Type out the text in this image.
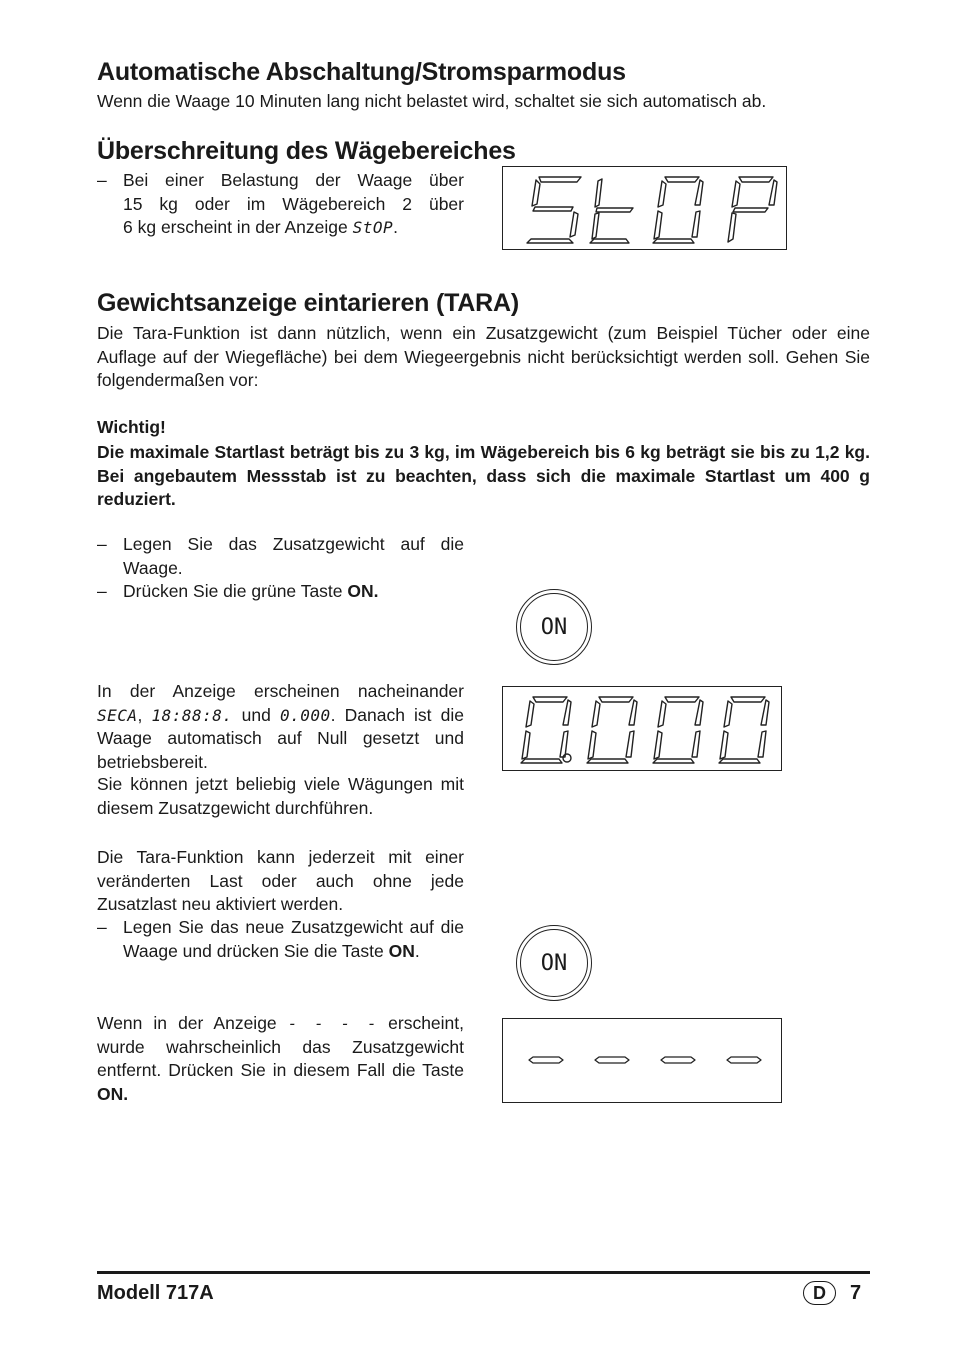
Automatische Abschaltung/Stromsparmodus

Wenn die Waage 10 Minuten lang nicht belastet wird, schaltet sie sich automatisch ab.

Überschreitung des Wägebereiches
– Bei einer Belastung der Waage über
15 kg oder im Wägebereich 2 über
6 kg erscheint in der Anzeige StOP.
Gewichtsanzeige eintarieren (TARA)

Die Tara-Funktion ist dann nützlich, wenn ein Zusatzgewicht (zum Beispiel Tücher oder eine Auflage auf der Wiegefläche) bei dem Wiegeergebnis nicht berücksichtigt werden soll. Gehen Sie folgendermaßen vor:

Wichtig!

Die maximale Startlast beträgt bis zu 3 kg, im Wägebereich bis 6 kg beträgt sie bis zu 1,2 kg. Bei angebautem Messstab ist zu beachten, dass sich die maximale Startlast um 400 g reduziert.

– Legen Sie das Zusatzgewicht auf die Waage.
– Drücken Sie die grüne Taste ON.
ON
In der Anzeige erscheinen nacheinander
SECA, 18:88:8. und 0.000. Danach ist die Waage automatisch auf Null gesetzt und betriebsbereit.

Sie können jetzt beliebig viele Wägungen mit diesem Zusatzgewicht durchführen.

Die Tara-Funktion kann jederzeit mit einer veränderten Last oder auch ohne jede Zusatzlast neu aktiviert werden.

– Legen Sie das neue Zusatzgewicht auf die Waage und drücken Sie die Taste ON.	ON
Wenn in der Anzeige - - - - erscheint, wurde wahrscheinlich das Zusatzgewicht entfernt. Drücken Sie in diesem Fall die Taste ON.
Modell 717A	D	7
